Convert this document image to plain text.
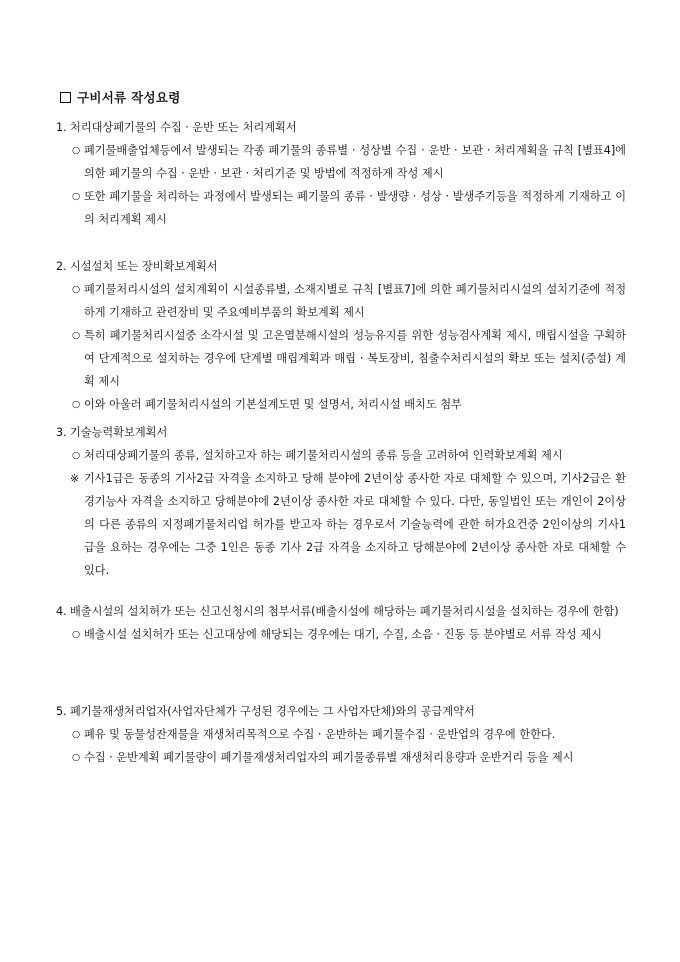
구비서류 작성요령
1. 처리대상폐기물의 수집 · 운반 또는 처리계획서
○ 폐기물배출업체등에서 발생되는 각종 폐기물의 종류별 · 성상별 수집 · 운반 · 보관 · 처리계획을 규칙 [별표4]에 의한 폐기물의 수집 · 운반 · 보관 · 처리기준 및 방법에 적정하게 작성 제시
○ 또한 폐기물을 처리하는 과정에서 발생되는 폐기물의 종류 · 발생량 · 성상 · 발생주기등을 적정하게 기재하고 이의 처리계획 제시
2. 시설설치 또는 장비확보계획서
○ 폐기물처리시설의 설치계획이 시설종류별, 소재지별로 규칙 [별표7]에 의한 폐기물처리시설의 설치기준에 적정하게 기재하고 관련장비 및 주요예비부품의 확보계획 제시
○ 특히 폐기물처리시설중 소각시설 및 고온열분해시설의 성능유지를 위한 성능검사계획 제시, 매립시설을 구획하여 단계적으로 설치하는 경우에 단계별 매립계획과 매립 · 복토장비, 침출수처리시설의 확보 또는 설치(증설) 계획 제시
○ 이와 아울러 폐기물처리시설의 기본설계도면 및 설명서, 처리시설 배치도 첨부
3. 기술능력확보계획서
○ 처리대상폐기물의 종류, 설치하고자 하는 폐기물처리시설의 종류 등을 고려하여 인력확보계획 제시
※ 기사1급은 동종의 기사2급 자격을 소지하고 당해 분야에 2년이상 종사한 자로 대체할 수 있으며, 기사2급은 환경기능사 자격을 소지하고 당해분야에 2년이상 종사한 자로 대체할 수 있다. 다만, 동일법인 또는 개인이 2이상의 다른 종류의 지정폐기물처리업 허가를 받고자 하는 경우로서 기술능력에 관한 허가요건중 2인이상의 기사1급을 요하는 경우에는 그중 1인은 동종 기사 2급 자격을 소지하고 당해분야에 2년이상 종사한 자로 대체할 수 있다.
4. 배출시설의 설치허가 또는 신고신청시의 첨부서류(배출시설에 해당하는 폐기물처리시설을 설치하는 경우에 한함)
○ 배출시설 설치허가 또는 신고대상에 해당되는 경우에는 대기, 수질, 소음 · 진동 등 분야별로 서류 작성 제시
5. 폐기물재생처리업자(사업자단체가 구성된 경우에는 그 사업자단체)와의 공급계약서
○ 폐유 및 동물성잔재물을 재생처리목적으로 수집 · 운반하는 폐기물수집 · 운반업의 경우에 한한다.
○ 수집 · 운반계획 폐기물량이 폐기물재생처리업자의 폐기물종류별 재생처리용량과 운반거리 등을 제시
